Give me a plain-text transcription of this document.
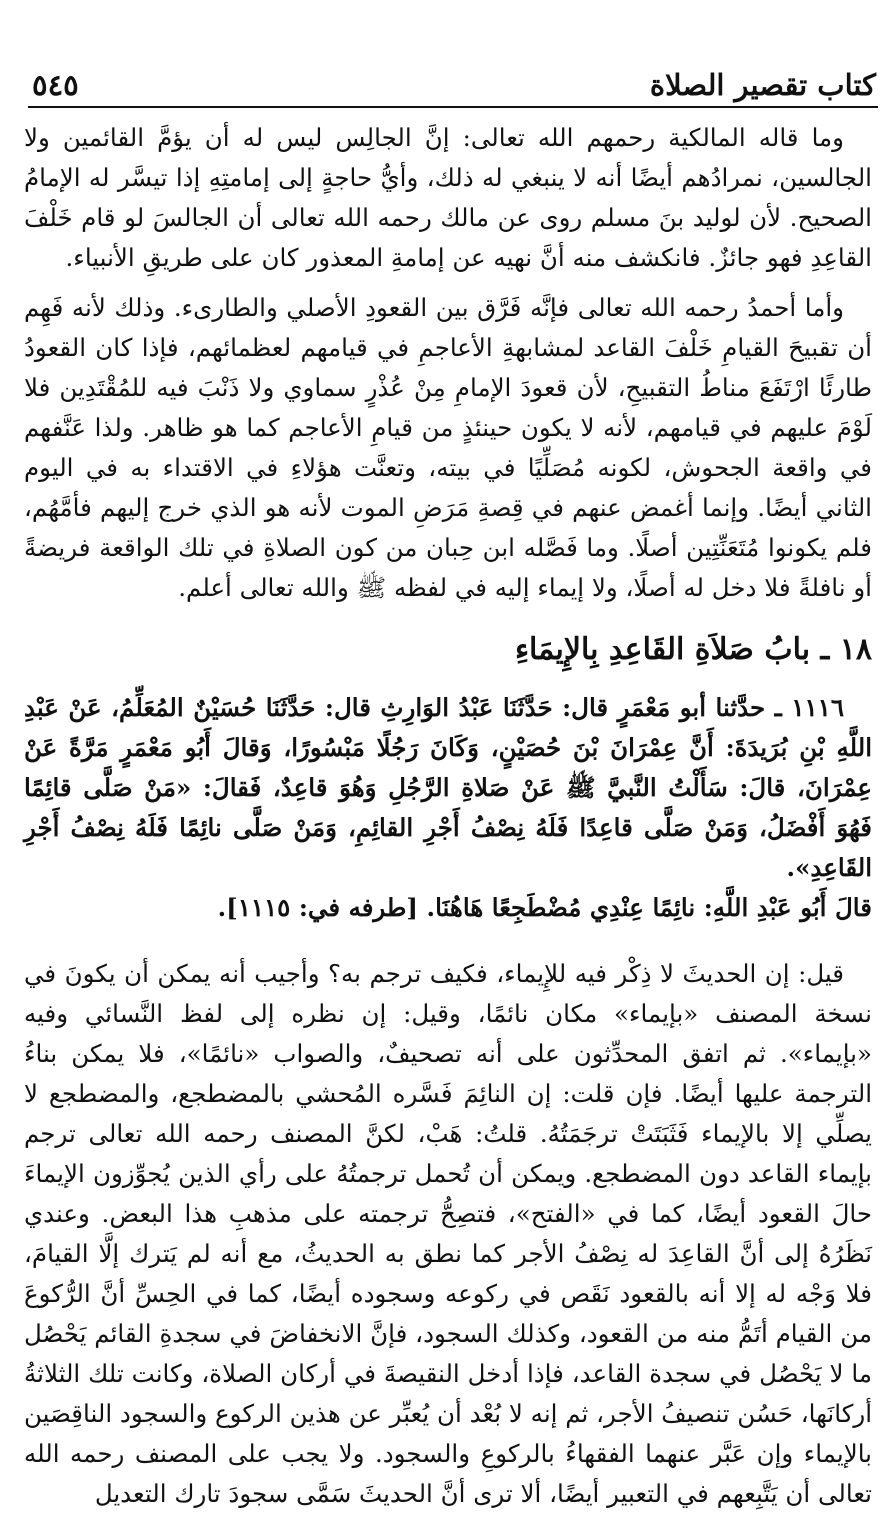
كتاب تقصير الصلاة
٥٤٥

وما قاله المالكية رحمهم الله تعالى: إنَّ الجالِس ليس له أن يؤمَّ القائمين ولا الجالسين، نمرادُهم أيضًا أنه لا ينبغي له ذلك، وأيُّ حاجةٍ إلى إمامتِهِ إذا تيسَّر له الإمامُ الصحيح. لأن لوليد بنَ مسلم روى عن مالك رحمه الله تعالى أن الجالسَ لو قام خَلْفَ القاعِدِ فهو جائزٌ. فانكشف منه أنَّ نهيه عن إمامةِ المعذور كان على طريقِ الأنبياء.

وأما أحمدُ رحمه الله تعالى فإنَّه فَرَّق بين القعودِ الأصلي والطارىء. وذلك لأنه فَهِم أن تقبيحَ القيامِ خَلْفَ القاعد لمشابهةِ الأعاجمِ في قيامهم لعظمائهم، فإذا كان القعودُ طارئًا ارْتَفَعَ مناطُ التقبيحِ، لأن قعودَ الإمامِ مِنْ عُذْرٍ سماوي ولا ذَنْبَ فيه للمُقْتَدِين فلا لَوْمَ عليهم في قيامهم، لأنه لا يكون حينئذٍ من قيامِ الأعاجم كما هو ظاهر. ولذا عَنَّفهم في واقعة الجحوش، لكونه مُصَلِّيًا في بيته، وتعنَّت هؤلاءِ في الاقتداء به في اليوم الثاني أيضًا. وإنما أغمض عنهم في قِصةِ مَرَضِ الموت لأنه هو الذي خرج إليهم فأمَّهُم، فلم يكونوا مُتَعَنِّتِين أصلًا. وما فَصَّله ابن حِبان من كون الصلاةِ في تلك الواقعة فريضةً أو نافلةً فلا دخل له أصلًا، ولا إيماء إليه في لفظه ﷺ والله تعالى أعلم.

١٨ ـ بابُ صَلاَةِ القَاعِدِ بِالإِيمَاءِ

١١١٦ ـ حدَّثنا أبو مَعْمَرٍ قال: حَدَّثَنَا عَبْدُ الوَارِثِ قال: حَدَّثَنَا حُسَيْنٌ المُعَلِّمُ، عَنْ عَبْدِ اللَّهِ بْنِ بُرَيدَةَ: أَنَّ عِمْرَانَ بْنَ حُصَيْنٍ، وَكَانَ رَجُلًا مَبْسُورًا، وَقالَ أَبُو مَعْمَرٍ مَرَّةً عَنْ عِمْرَانَ، قالَ: سَأَلْتُ النَّبيَّ ﷺ عَنْ صَلاةِ الرَّجُلِ وَهُوَ قاعِدٌ، فَقالَ: «مَنْ صَلَّى قائِمًا فَهُوَ أَفْضَلُ، وَمَنْ صَلَّى قاعِدًا فَلَهُ نِصْفُ أَجْرِ القائِمِ، وَمَنْ صَلَّى نائِمًا فَلَهُ نِصْفُ أَجْرِ القَاعِدِ».

قالَ أَبُو عَبْدِ اللَّهِ: نائِمًا عِنْدِي مُضْطَجِعًا هَاهُنَا. [طرفه في: ١١١٥].

قيل: إن الحديثَ لا ذِكْر فيه للإِيماء، فكيف ترجم به؟ وأجيب أنه يمكن أن يكونَ في نسخة المصنف «بإيماء» مكان نائمًا، وقيل: إن نظره إلى لفظ النَّسائي وفيه «بإيماء». ثم اتفق المحدِّثون على أنه تصحيفٌ، والصواب «نائمًا»، فلا يمكن بناءُ الترجمة عليها أيضًا. فإن قلت: إن النائِمَ فَسَّره المُحشي بالمضطجع، والمضطجع لا يصلِّي إلا بالإيماء فَثَبَتَتْ ترجَمَتُهُ. قلتُ: هَبْ، لكنَّ المصنف رحمه الله تعالى ترجم بإيماء القاعد دون المضطجع. ويمكن أن تُحمل ترجمتُهُ على رأي الذين يُجوِّزون الإيماءَ حالَ القعود أيضًا، كما في «الفتح»، فتصِحُّ ترجمته على مذهبِ هذا البعض. وعندي نَظَرُهُ إلى أنَّ القاعِدَ له نِصْفُ الأجر كما نطق به الحديثُ، مع أنه لم يَترك إلَّا القيامَ، فلا وَجْه له إلا أنه بالقعود نَقَص في ركوعه وسجوده أيضًا، كما في الحِسِّ أنَّ الرُّكوعَ من القيام أتَمُّ منه من القعود، وكذلك السجود، فإنَّ الانخفاضَ في سجدةِ القائم يَحْصُل ما لا يَحْصُل في سجدة القاعد، فإذا أدخل النقيصةَ في أركان الصلاة، وكانت تلك الثلاثةُ أركانَها، حَسُن تنصيفُ الأجر، ثم إنه لا بُعْد أن يُعبِّر عن هذين الركوع والسجود الناقِصَين بالإيماء وإن عَبَّر عنهما الفقهاءُ بالركوعِ والسجود. ولا يجب على المصنف رحمه الله تعالى أن يَتَّبِعهم في التعبير أيضًا، ألا ترى أنَّ الحديثَ سَمَّى سجودَ تارك التعديل
